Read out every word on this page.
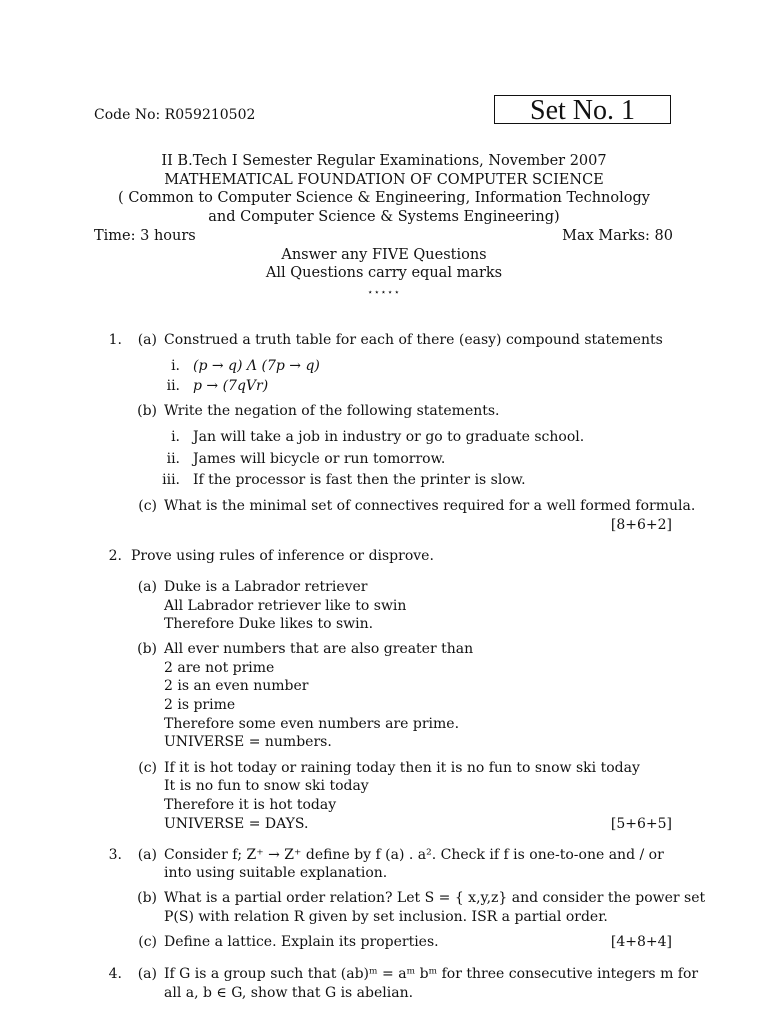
Code No: R059210502	Set No. 1
II B.Tech I Semester Regular Examinations, November 2007
MATHEMATICAL FOUNDATION OF COMPUTER SCIENCE
( Common to Computer Science & Engineering, Information Technology
and Computer Science & Systems Engineering)
Time: 3 hours	Max Marks: 80
Answer any FIVE Questions
All Questions carry equal marks
⋆⋆⋆⋆⋆
1.	(a) Construed a truth table for each of there (easy) compound statements
i. (p → q) Λ (7p → q)
ii. p → (7qVr)
(b) Write the negation of the following statements.
i. Jan will take a job in industry or go to graduate school.
ii. James will bicycle or run tomorrow.
iii. If the processor is fast then the printer is slow.
(c) What is the minimal set of connectives required for a well formed formula.
[8+6+2]
2. Prove using rules of inference or disprove.
(a) Duke is a Labrador retriever
All Labrador retriever like to swin
Therefore Duke likes to swin.
(b) All ever numbers that are also greater than
2 are not prime
2 is an even number
2 is prime
Therefore some even numbers are prime.
UNIVERSE = numbers.
(c) If it is hot today or raining today then it is no fun to snow ski today
It is no fun to snow ski today
Therefore it is hot today
UNIVERSE = DAYS.	[5+6+5]
3.	(a) Consider f; Z⁺ → Z⁺ define by f (a) . a². Check if f is one-to-one and / or
into using suitable explanation.
(b) What is a partial order relation? Let S = { x,y,z} and consider the power set
P(S) with relation R given by set inclusion. ISR a partial order.
(c) Define a lattice. Explain its properties.	[4+8+4]
4.	(a) If G is a group such that (ab)ᵐ = aᵐ bᵐ for three consecutive integers m for
all a, b ∈ G, show that G is abelian.
